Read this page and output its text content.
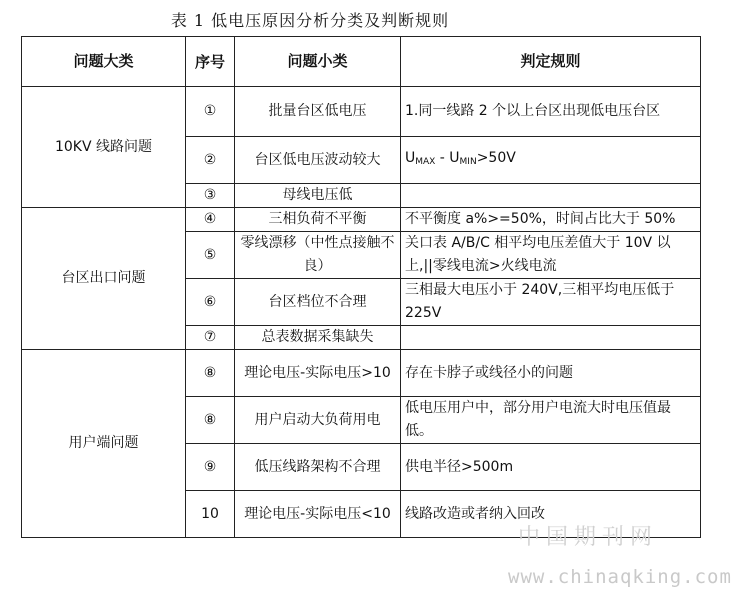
表 1 低电压原因分析分类及判断规则
问题大类	序号	问题小类	判定规则
10KV 线路问题	①	批量台区低电压	1.同一线路 2 个以上台区出现低电压台区
	②	台区低电压波动较大	$U_{MAX} - U_{MIN}>50V$
	③	母线电压低	
台区出口问题	④	三相负荷不平衡	不平衡度 a%>=50%，时间占比大于 50%
	⑤	零线漂移（中性点接触不良）	关口表 A/B/C 相平均电压差值大于 10V 以上,||零线电流>火线电流
	⑥	台区档位不合理	三相最大电压小于 240V,三相平均电压低于 225V
	⑦	总表数据采集缺失	
用户端问题	⑧	理论电压-实际电压>10	存在卡脖子或线径小的问题
	⑧	用户启动大负荷用电	低电压用户中，部分用户电流大时电压值最低。
	⑨	低压线路架构不合理	供电半径>500m
	10	理论电压-实际电压<10	线路改造或者纳入回改
中国期刊网
www.chinaqking.com
